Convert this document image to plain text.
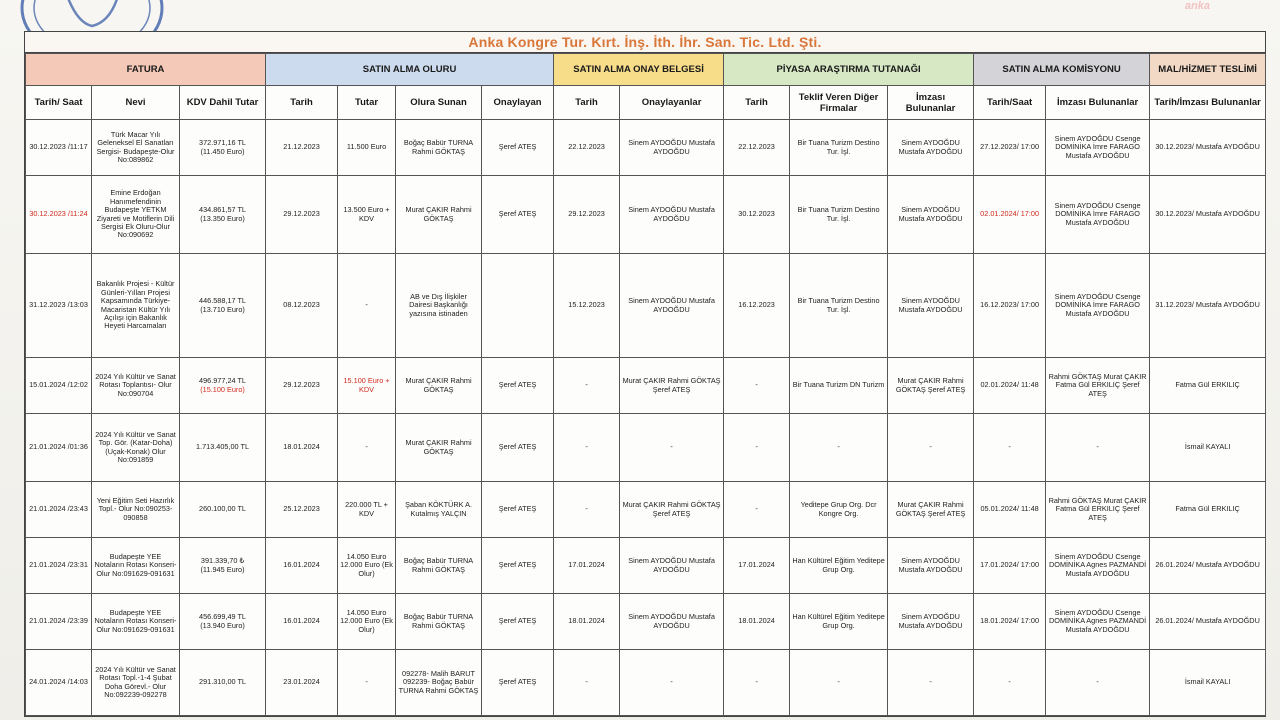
anka
Anka Kongre Tur. Kırt. İnş. İth. İhr. San. Tic. Ltd. Şti.
FATURA			SATIN ALMA OLURU				SATIN ALMA ONAY BELGESİ		PİYASA ARAŞTIRMA TUTANAĞI			SATIN ALMA KOMİSYONU		MAL/HİZMET TESLİMİ
Tarih/ Saat	Nevi	KDV Dahil Tutar	Tarih	Tutar	Olura Sunan	Onaylayan	Tarih	Onaylayanlar	Tarih	Teklif Veren Diğer Firmalar	İmzası Bulunanlar	Tarih/Saat	İmzası Bulunanlar	Tarih/İmzası Bulunanlar
30.12.2023 /11:17	Türk Macar Yılı Geleneksel El Sanatları Sergisi- Budapeşte-Olur No:089862	372.971,16 TL
(11.450 Euro)	21.12.2023	11.500 Euro	Boğaç Babür TURNA Rahmi GÖKTAŞ	Şeref ATEŞ	22.12.2023	Sinem AYDOĞDU Mustafa AYDOĞDU	22.12.2023	Bir Tuana Turizm Destino Tur. İşl.	Sinem AYDOĞDU Mustafa AYDOĞDU	27.12.2023/ 17:00	Sinem AYDOĞDU Csenge DOMİNİKA İmre FARAGO Mustafa AYDOĞDU	30.12.2023/ Mustafa AYDOĞDU
30.12.2023 /11:24	Emine Erdoğan Hanımefendinin Budapeşte YETKM Ziyareti ve Motiflerin Dili Sergisi Ek Oluru-Olur No:090692	434.861,57 TL
(13.350 Euro)	29.12.2023	13.500 Euro + KDV	Murat ÇAKIR Rahmi GÖKTAŞ	Şeref ATEŞ	29.12.2023	Sinem AYDOĞDU Mustafa AYDOĞDU	30.12.2023	Bir Tuana Turizm Destino Tur. İşl.	Sinem AYDOĞDU Mustafa AYDOĞDU	02.01.2024/ 17:00	Sinem AYDOĞDU Csenge DOMİNİKA İmre FARAGO Mustafa AYDOĞDU	30.12.2023/ Mustafa AYDOĞDU
31.12.2023 /13:03	Bakanlık Projesi - Kültür Günleri-Yılları Projesi Kapsamında Türkiye-Macaristan Kültür Yılı Açılışı için Bakanlık Heyeti Harcamaları	446.588,17 TL
(13.710 Euro)	08.12.2023	-	AB ve Dış İlişkiler Dairesi Başkanlığı yazısına istinaden		15.12.2023	Sinem AYDOĞDU Mustafa AYDOĞDU	16.12.2023	Bir Tuana Turizm Destino Tur. İşl.	Sinem AYDOĞDU Mustafa AYDOĞDU	16.12.2023/ 17:00	Sinem AYDOĞDU Csenge DOMİNİKA İmre FARAGO Mustafa AYDOĞDU	31.12.2023/ Mustafa AYDOĞDU
15.01.2024 /12:02	2024 Yılı Kültür ve Sanat Rotası Toplantısı- Olur No:090704	496.977,24 TL
(15.100 Euro)	29.12.2023	15.100 Euro + KDV	Murat ÇAKIR Rahmi GÖKTAŞ	Şeref ATEŞ	-	Murat ÇAKIR Rahmi GÖKTAŞ Şeref ATEŞ	-	Bir Tuana Turizm DN Turizm	Murat ÇAKIR Rahmi GÖKTAŞ Şeref ATEŞ	02.01.2024/ 11:48	Rahmi GÖKTAŞ Murat ÇAKIR Fatma Gül ERKILIÇ Şeref ATEŞ	Fatma Gül ERKILIÇ
21.01.2024 /01:36	2024 Yılı Kültür ve Sanat Top. Gör. (Katar-Doha) (Uçak-Konak) Olur No:091859	1.713.405,00 TL	18.01.2024	-	Murat ÇAKIR Rahmi GÖKTAŞ	Şeref ATEŞ	-	-	-	-	-	-	-	İsmail KAYALI
21.01.2024 /23:43	Yeni Eğitim Seti Hazırlık Topl.- Olur No:090253-090858	260.100,00 TL	25.12.2023	220.000 TL + KDV	Şaban KÖKTÜRK A. Kutalmış YALÇIN	Şeref ATEŞ	-	Murat ÇAKIR Rahmi GÖKTAŞ Şeref ATEŞ	-	Yeditepe Grup Org. Dcr Kongre Org.	Murat ÇAKIR Rahmi GÖKTAŞ Şeref ATEŞ	05.01.2024/ 11:48	Rahmi GÖKTAŞ Murat ÇAKIR Fatma Gül ERKILIÇ Şeref ATEŞ	Fatma Gül ERKILIÇ
21.01.2024 /23:31	Budapeşte YEE Notaların Rotası Konseri-Olur No:091629-091631	391.339,70 ₺
(11.945 Euro)	16.01.2024	14.050 Euro 12.000 Euro (Ek Olur)	Boğaç Babür TURNA Rahmi GÖKTAŞ	Şeref ATEŞ	17.01.2024	Sinem AYDOĞDU Mustafa AYDOĞDU	17.01.2024	Han Kültürel Eğitim Yeditepe Grup Org.	Sinem AYDOĞDU Mustafa AYDOĞDU	17.01.2024/ 17:00	Sinem AYDOĞDU Csenge DOMİNİKA Agnes PAZMANDİ Mustafa AYDOĞDU	26.01.2024/ Mustafa AYDOĞDU
21.01.2024 /23:39	Budapeşte YEE Notaların Rotası Konseri-Olur No:091629-091631	456.699,49 TL
(13.940 Euro)	16.01.2024	14.050 Euro 12.000 Euro (Ek Olur)	Boğaç Babür TURNA Rahmi GÖKTAŞ	Şeref ATEŞ	18.01.2024	Sinem AYDOĞDU Mustafa AYDOĞDU	18.01.2024	Han Kültürel Eğitim Yeditepe Grup Org.	Sinem AYDOĞDU Mustafa AYDOĞDU	18.01.2024/ 17:00	Sinem AYDOĞDU Csenge DOMİNİKA Agnes PAZMANDİ Mustafa AYDOĞDU	26.01.2024/ Mustafa AYDOĞDU
24.01.2024 /14:03	2024 Yılı Kültür ve Sanat Rotası Topl.-1-4 Şubat Doha Görevl.- Olur No:092239-092278	291.310,00 TL	23.01.2024	-	092278- Malih BARUT 092239- Boğaç Babür TURNA Rahmi GÖKTAŞ	Şeref ATEŞ	-	-	-	-	-	-	-	İsmail KAYALI
